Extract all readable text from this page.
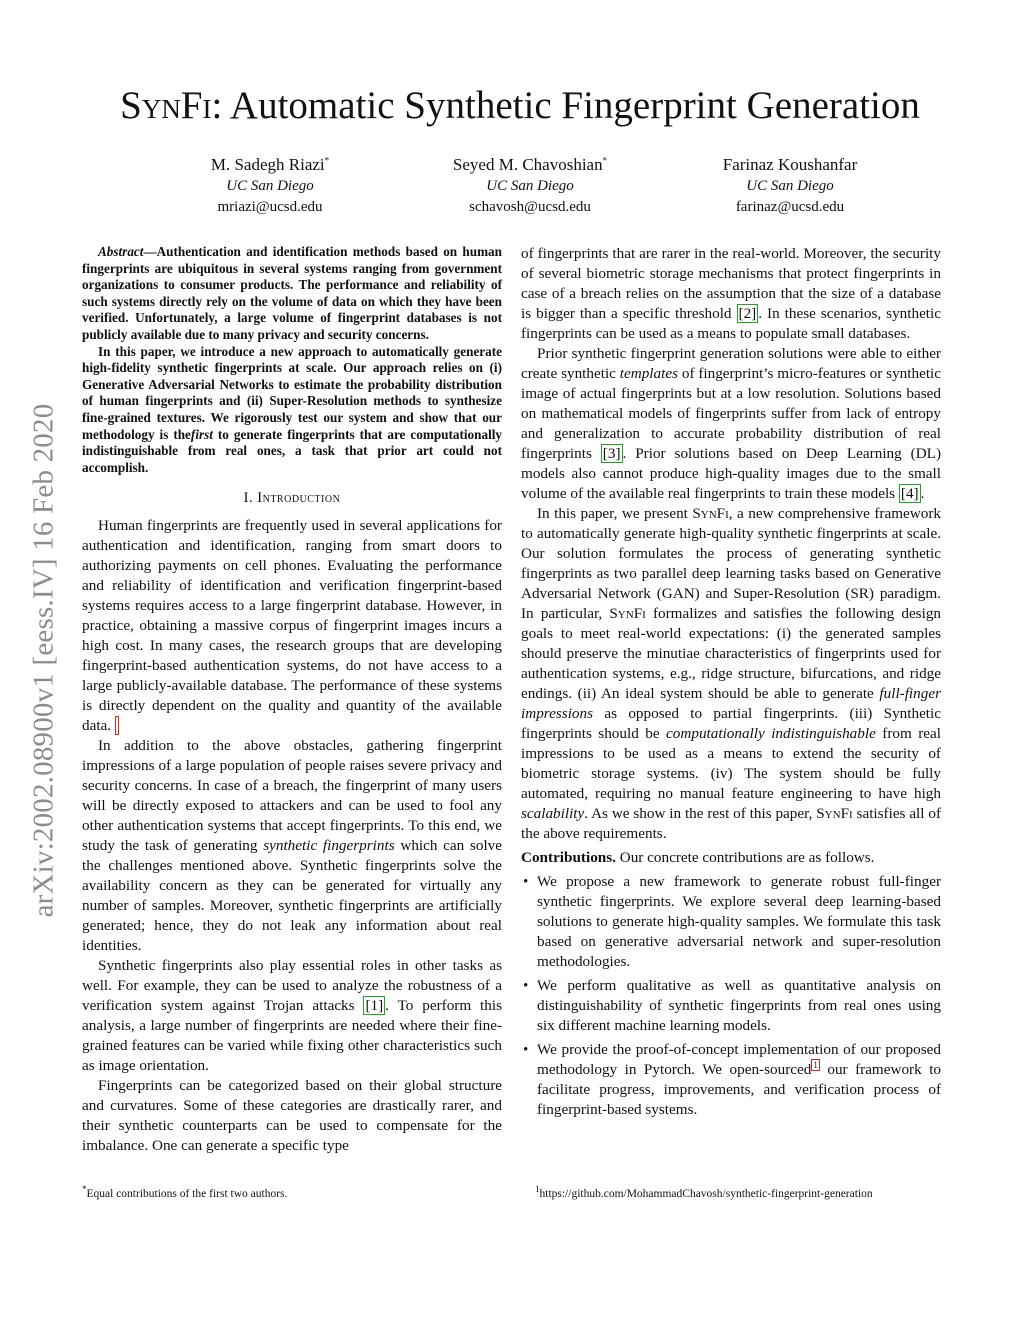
arXiv:2002.08900v1 [eess.IV] 16 Feb 2020
SynFi: Automatic Synthetic Fingerprint Generation
M. Sadegh Riazi*
UC San Diego
mriazi@ucsd.edu
Seyed M. Chavoshian*
UC San Diego
schavosh@ucsd.edu
Farinaz Koushanfar
UC San Diego
farinaz@ucsd.edu

Abstract—Authentication and identification methods based on human fingerprints are ubiquitous in several systems ranging from government organizations to consumer products. The performance and reliability of such systems directly rely on the volume of data on which they have been verified. Unfortunately, a large volume of fingerprint databases is not publicly available due to many privacy and security concerns.

In this paper, we introduce a new approach to automatically generate high-fidelity synthetic fingerprints at scale. Our approach relies on (i) Generative Adversarial Networks to estimate the probability distribution of human fingerprints and (ii) Super-Resolution methods to synthesize fine-grained textures. We rigorously test our system and show that our methodology is thefirst to generate fingerprints that are computationally indistinguishable from real ones, a task that prior art could not accomplish.

I. Introduction

Human fingerprints are frequently used in several applications for authentication and identification, ranging from smart doors to authorizing payments on cell phones. Evaluating the performance and reliability of identification and verification fingerprint-based systems requires access to a large fingerprint database. However, in practice, obtaining a massive corpus of fingerprint images incurs a high cost. In many cases, the research groups that are developing fingerprint-based authentication systems, do not have access to a large publicly-available database. The performance of these systems is directly dependent on the quality and quantity of the available data.

In addition to the above obstacles, gathering fingerprint impressions of a large population of people raises severe privacy and security concerns. In case of a breach, the fingerprint of many users will be directly exposed to attackers and can be used to fool any other authentication systems that accept fingerprints. To this end, we study the task of generating synthetic fingerprints which can solve the challenges mentioned above. Synthetic fingerprints solve the availability concern as they can be generated for virtually any number of samples. Moreover, synthetic fingerprints are artificially generated; hence, they do not leak any information about real identities.

Synthetic fingerprints also play essential roles in other tasks as well. For example, they can be used to analyze the robustness of a verification system against Trojan attacks [1] . To perform this analysis, a large number of fingerprints are needed where their fine-grained features can be varied while fixing other characteristics such as image orientation.

Fingerprints can be categorized based on their global structure and curvatures. Some of these categories are drastically rarer, and their synthetic counterparts can be used to compensate for the imbalance. One can generate a specific type

of fingerprints that are rarer in the real-world. Moreover, the security of several biometric storage mechanisms that protect fingerprints in case of a breach relies on the assumption that the size of a database is bigger than a specific threshold [2] . In these scenarios, synthetic fingerprints can be used as a means to populate small databases.

Prior synthetic fingerprint generation solutions were able to either create synthetic templates of fingerprint’s micro-features or synthetic image of actual fingerprints but at a low resolution. Solutions based on mathematical models of fingerprints suffer from lack of entropy and generalization to accurate probability distribution of real fingerprints [3] . Prior solutions based on Deep Learning (DL) models also cannot produce high-quality images due to the small volume of the available real fingerprints to train these models [4] .

In this paper, we present SynFi, a new comprehensive framework to automatically generate high-quality synthetic fingerprints at scale. Our solution formulates the process of generating synthetic fingerprints as two parallel deep learning tasks based on Generative Adversarial Network (GAN) and Super-Resolution (SR) paradigm. In particular, SynFi formalizes and satisfies the following design goals to meet real-world expectations: (i) the generated samples should preserve the minutiae characteristics of fingerprints used for authentication systems, e.g., ridge structure, bifurcations, and ridge endings. (ii) An ideal system should be able to generate full-finger impressions as opposed to partial fingerprints. (iii) Synthetic fingerprints should be computationally indistinguishable from real impressions to be used as a means to extend the security of biometric storage systems. (iv) The system should be fully automated, requiring no manual feature engineering to have high scalability. As we show in the rest of this paper, SynFi satisfies all of the above requirements.

Contributions. Our concrete contributions are as follows.

• We propose a new framework to generate robust full-finger synthetic fingerprints. We explore several deep learning-based solutions to generate high-quality samples. We formulate this task based on generative adversarial network and super-resolution methodologies.
• We perform qualitative as well as quantitative analysis on distinguishability of synthetic fingerprints from real ones using six different machine learning models.
• We provide the proof-of-concept implementation of our proposed methodology in Pytorch. We open-sourced $^1$ our framework to facilitate progress, improvements, and verification process of fingerprint-based systems.
*Equal contributions of the first two authors.	$^1$https://github.com/MohammadChavosh/synthetic-fingerprint-generation
